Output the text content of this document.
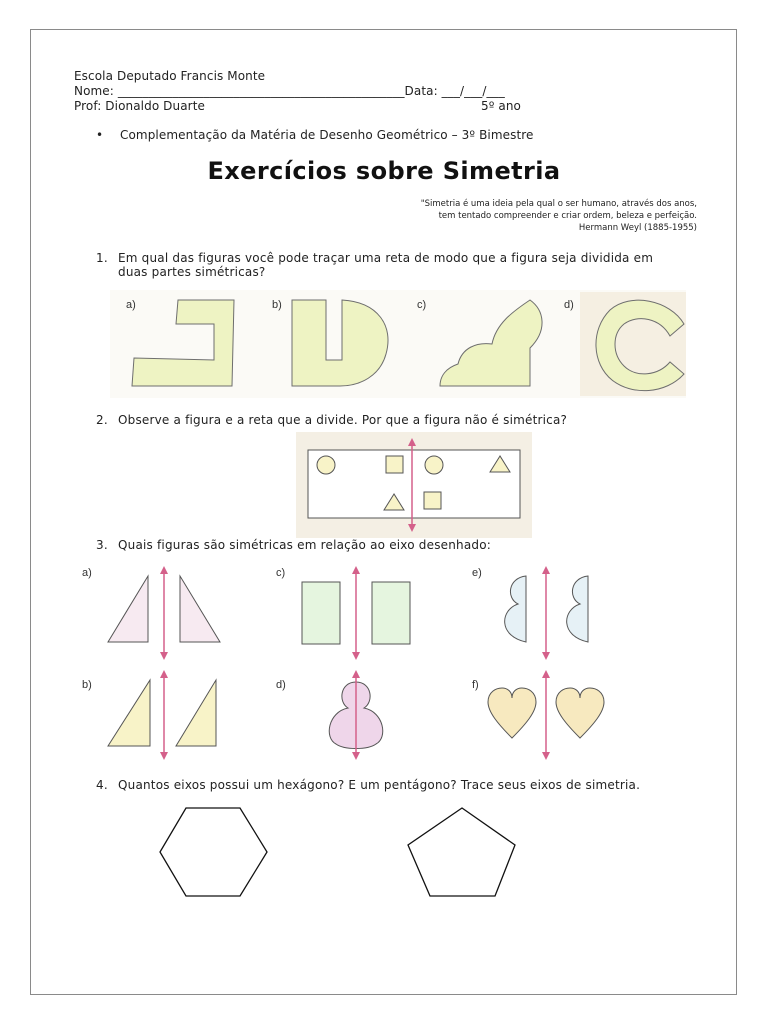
Escola Deputado Francis Monte
Nome: _______________________________________________Data: ___/___/___
Prof: Dionaldo Duarte	5º ano
• Complementação da Matéria de Desenho Geométrico – 3º Bimestre
Exercícios sobre Simetria
"Simetria é uma ideia pela qual o ser humano, através dos anos,
tem tentado compreender e criar ordem, beleza e perfeição.
Hermann Weyl (1885-1955)
1. Em qual das figuras você pode traçar uma reta de modo que a figura seja dividida em
duas partes simétricas?
a)	b)	c)	d)
2. Observe a figura e a reta que a divide. Por que a figura não é simétrica?
3. Quais figuras são simétricas em relação ao eixo desenhado:
a)	c)	e)
b)	d)	f)
4. Quantos eixos possui um hexágono? E um pentágono? Trace seus eixos de simetria.
